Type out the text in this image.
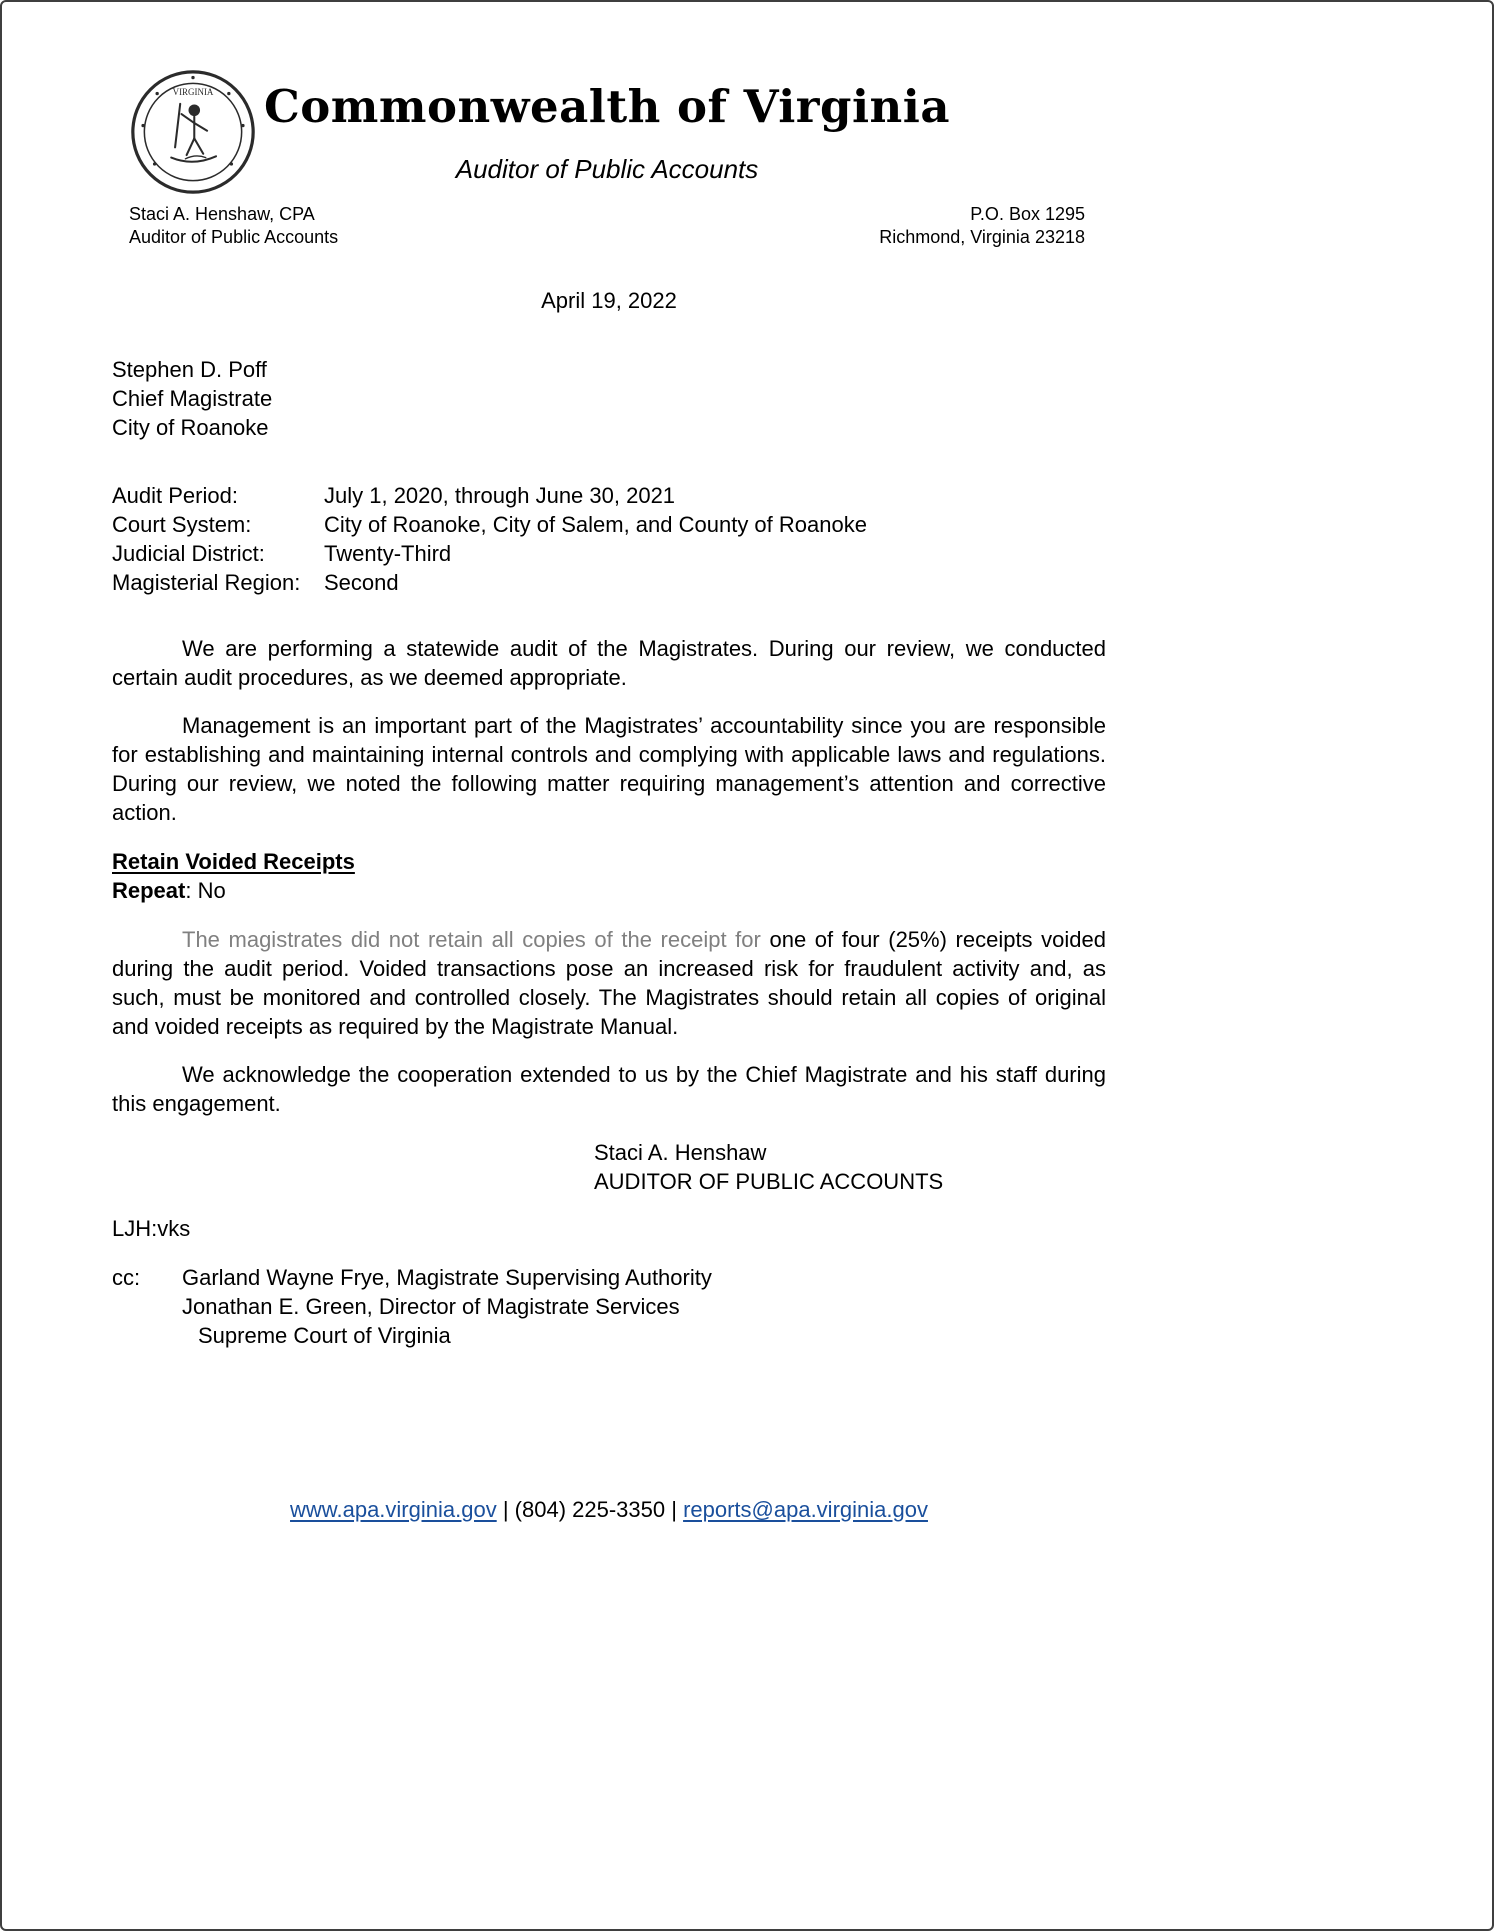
VIRGINIA	Commonwealth of Virginia
Auditor of Public Accounts
Staci A. Henshaw, CPA
Auditor of Public Accounts
P.O. Box 1295
Richmond, Virginia 23218
April 19, 2022
Stephen D. Poff
Chief Magistrate
City of Roanoke
Audit Period:	July 1, 2020, through June 30, 2021
Court System:	City of Roanoke, City of Salem, and County of Roanoke
Judicial District:	Twenty-Third
Magisterial Region:	Second

We are performing a statewide audit of the Magistrates. During our review, we conducted certain audit procedures, as we deemed appropriate.

Management is an important part of the Magistrates’ accountability since you are responsible for establishing and maintaining internal controls and complying with applicable laws and regulations. During our review, we noted the following matter requiring management’s attention and corrective action.

Retain Voided Receipts
Repeat: No

The magistrates did not retain all copies of the receipt for one of four (25%) receipts voided during the audit period. Voided transactions pose an increased risk for fraudulent activity and, as such, must be monitored and controlled closely. The Magistrates should retain all copies of original and voided receipts as required by the Magistrate Manual.

We acknowledge the cooperation extended to us by the Chief Magistrate and his staff during this engagement.

Staci A. Henshaw
AUDITOR OF PUBLIC ACCOUNTS
LJH:vks
cc:	Garland Wayne Frye, Magistrate Supervising Authority
Jonathan E. Green, Director of Magistrate Services
Supreme Court of Virginia
www.apa.virginia.gov | (804) 225-3350 | reports@apa.virginia.gov
